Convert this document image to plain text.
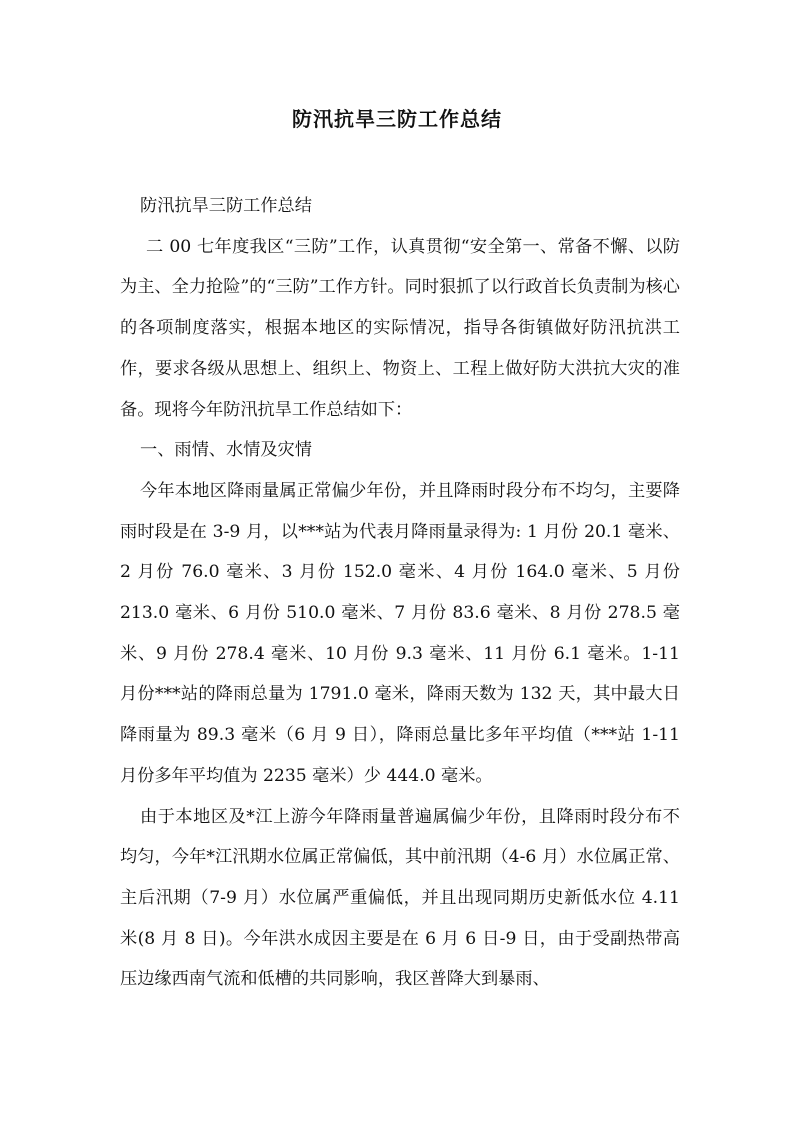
防汛抗旱三防工作总结

防汛抗旱三防工作总结

二 00 七年度我区“三防”工作，认真贯彻“安全第一、常备不懈、以防为主、全力抢险”的“三防”工作方针。同时狠抓了以行政首长负责制为核心的各项制度落实，根据本地区的实际情况，指导各街镇做好防汛抗洪工作，要求各级从思想上、组织上、物资上、工程上做好防大洪抗大灾的准备。现将今年防汛抗旱工作总结如下：

一、雨情、水情及灾情

今年本地区降雨量属正常偏少年份，并且降雨时段分布不均匀，主要降雨时段是在 3-9 月，以***站为代表月降雨量录得为: 1 月份 20.1 毫米、2 月份 76.0 毫米、3 月份 152.0 毫米、4 月份 164.0 毫米、5 月份 213.0 毫米、6 月份 510.0 毫米、7 月份 83.6 毫米、8 月份 278.5 毫米、9 月份 278.4 毫米、10 月份 9.3 毫米、11 月份 6.1 毫米。1-11 月份***站的降雨总量为 1791.0 毫米，降雨天数为 132 天，其中最大日降雨量为 89.3 毫米（6 月 9 日），降雨总量比多年平均值（***站 1-11 月份多年平均值为 2235 毫米）少 444.0 毫米。

由于本地区及*江上游今年降雨量普遍属偏少年份，且降雨时段分布不均匀，今年*江汛期水位属正常偏低，其中前汛期（4-6 月）水位属正常、主后汛期（7-9 月）水位属严重偏低，并且出现同期历史新低水位 4.11 米(8 月 8 日)。今年洪水成因主要是在 6 月 6 日-9 日，由于受副热带高压边缘西南气流和低槽的共同影响，我区普降大到暴雨、
